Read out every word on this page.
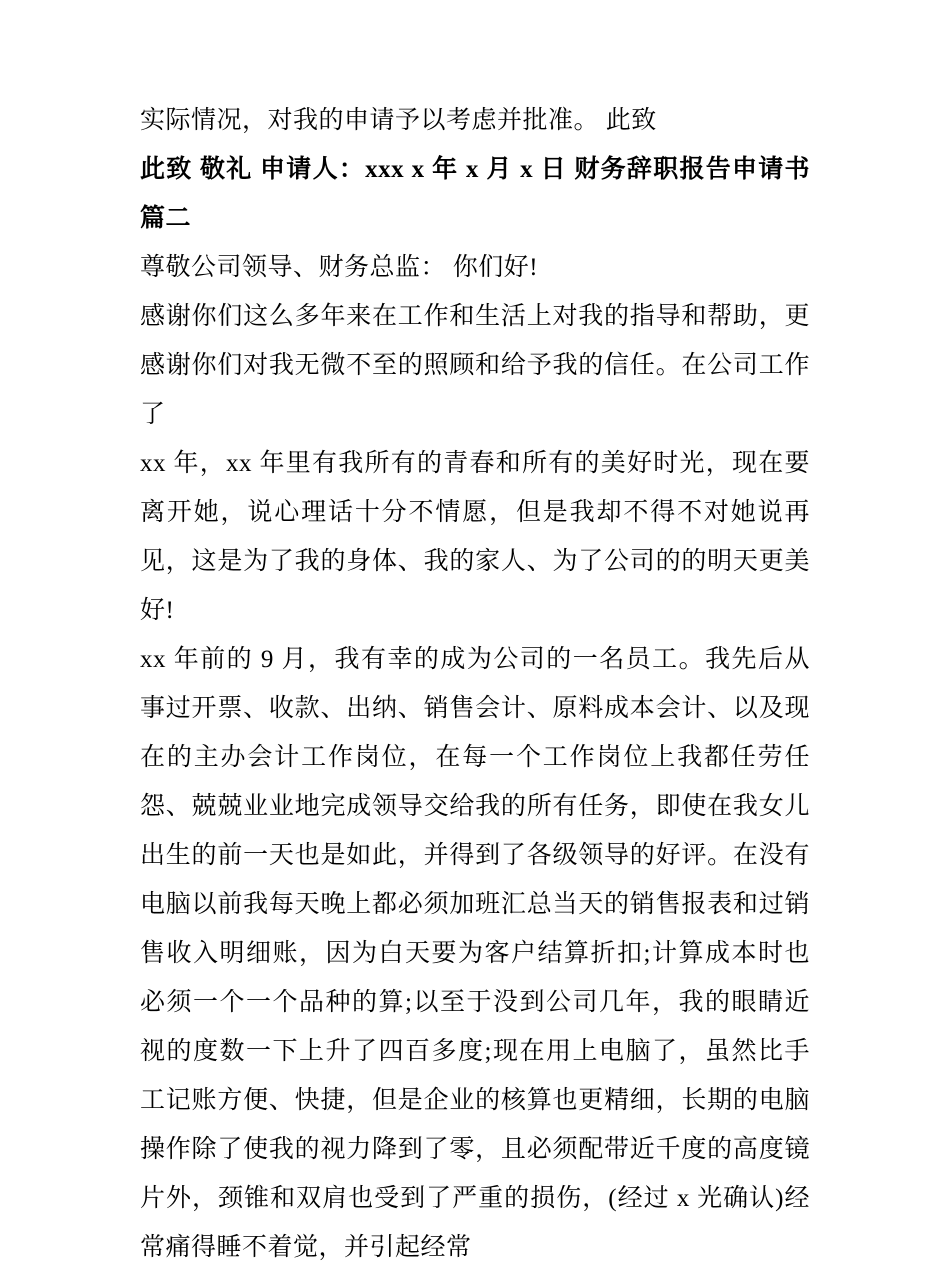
实际情况，对我的申请予以考虑并批准。 此致

此致 敬礼 申请人：xxx x 年 x 月 x 日 财务辞职报告申请书篇二

尊敬公司领导、财务总监： 你们好!

感谢你们这么多年来在工作和生活上对我的指导和帮助，更感谢你们对我无微不至的照顾和给予我的信任。在公司工作了

xx 年，xx 年里有我所有的青春和所有的美好时光，现在要离开她，说心理话十分不情愿，但是我却不得不对她说再见，这是为了我的身体、我的家人、为了公司的的明天更美好!

xx 年前的 9 月，我有幸的成为公司的一名员工。我先后从事过开票、收款、出纳、销售会计、原料成本会计、以及现在的主办会计工作岗位，在每一个工作岗位上我都任劳任怨、兢兢业业地完成领导交给我的所有任务，即使在我女儿出生的前一天也是如此，并得到了各级领导的好评。在没有电脑以前我每天晚上都必须加班汇总当天的销售报表和过销售收入明细账，因为白天要为客户结算折扣;计算成本时也必须一个一个品种的算;以至于没到公司几年，我的眼睛近视的度数一下上升了四百多度;现在用上电脑了，虽然比手工记账方便、快捷，但是企业的核算也更精细，长期的电脑操作除了使我的视力降到了零，且必须配带近千度的高度镜片外，颈锥和双肩也受到了严重的损伤，(经过 x 光确认)经常痛得睡不着觉，并引起经常
